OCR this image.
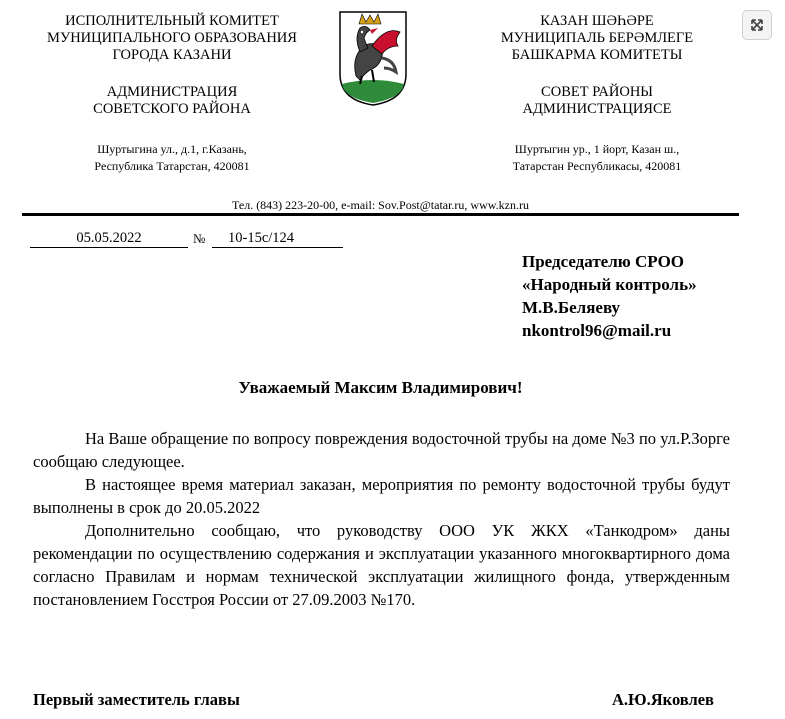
ИСПОЛНИТЕЛЬНЫЙ КОМИТЕТ
МУНИЦИПАЛЬНОГО ОБРАЗОВАНИЯ
ГОРОДА КАЗАНИ
АДМИНИСТРАЦИЯ
СОВЕТСКОГО РАЙОНА
Шуртыгина ул., д.1, г.Казань,
Республика Татарстан, 420081
КАЗАН ШӘҺӘРЕ
МУНИЦИПАЛЬ БЕРӘМЛЕГЕ
БАШКАРМА КОМИТЕТЫ
СОВЕТ РАЙОНЫ
АДМИНИСТРАЦИЯСЕ
Шуртыгин ур., 1 йорт, Казан ш.,
Татарстан Республикасы, 420081
Тел. (843) 223-20-00, e-mail: Sov.Post@tatar.ru, www.kzn.ru
05.05.2022	№	10-15с/124
Председателю СРОО
«Народный контроль»
М.В.Беляеву
nkontrol96@mail.ru
Уважаемый Максим Владимирович!

На Ваше обращение по вопросу повреждения водосточной трубы на доме №3 по ул.Р.Зорге сообщаю следующее.

В настоящее время материал заказан, мероприятия по ремонту водосточной трубы будут выполнены в срок до 20.05.2022

Дополнительно сообщаю, что руководству ООО УК ЖКХ «Танкодром» даны рекомендации по осуществлению содержания и эксплуатации указанного многоквартирного дома согласно Правилам и нормам технической эксплуатации жилищного фонда, утвержденным постановлением Госстроя России от 27.09.2003 №170.

Первый заместитель главы	А.Ю.Яковлев
